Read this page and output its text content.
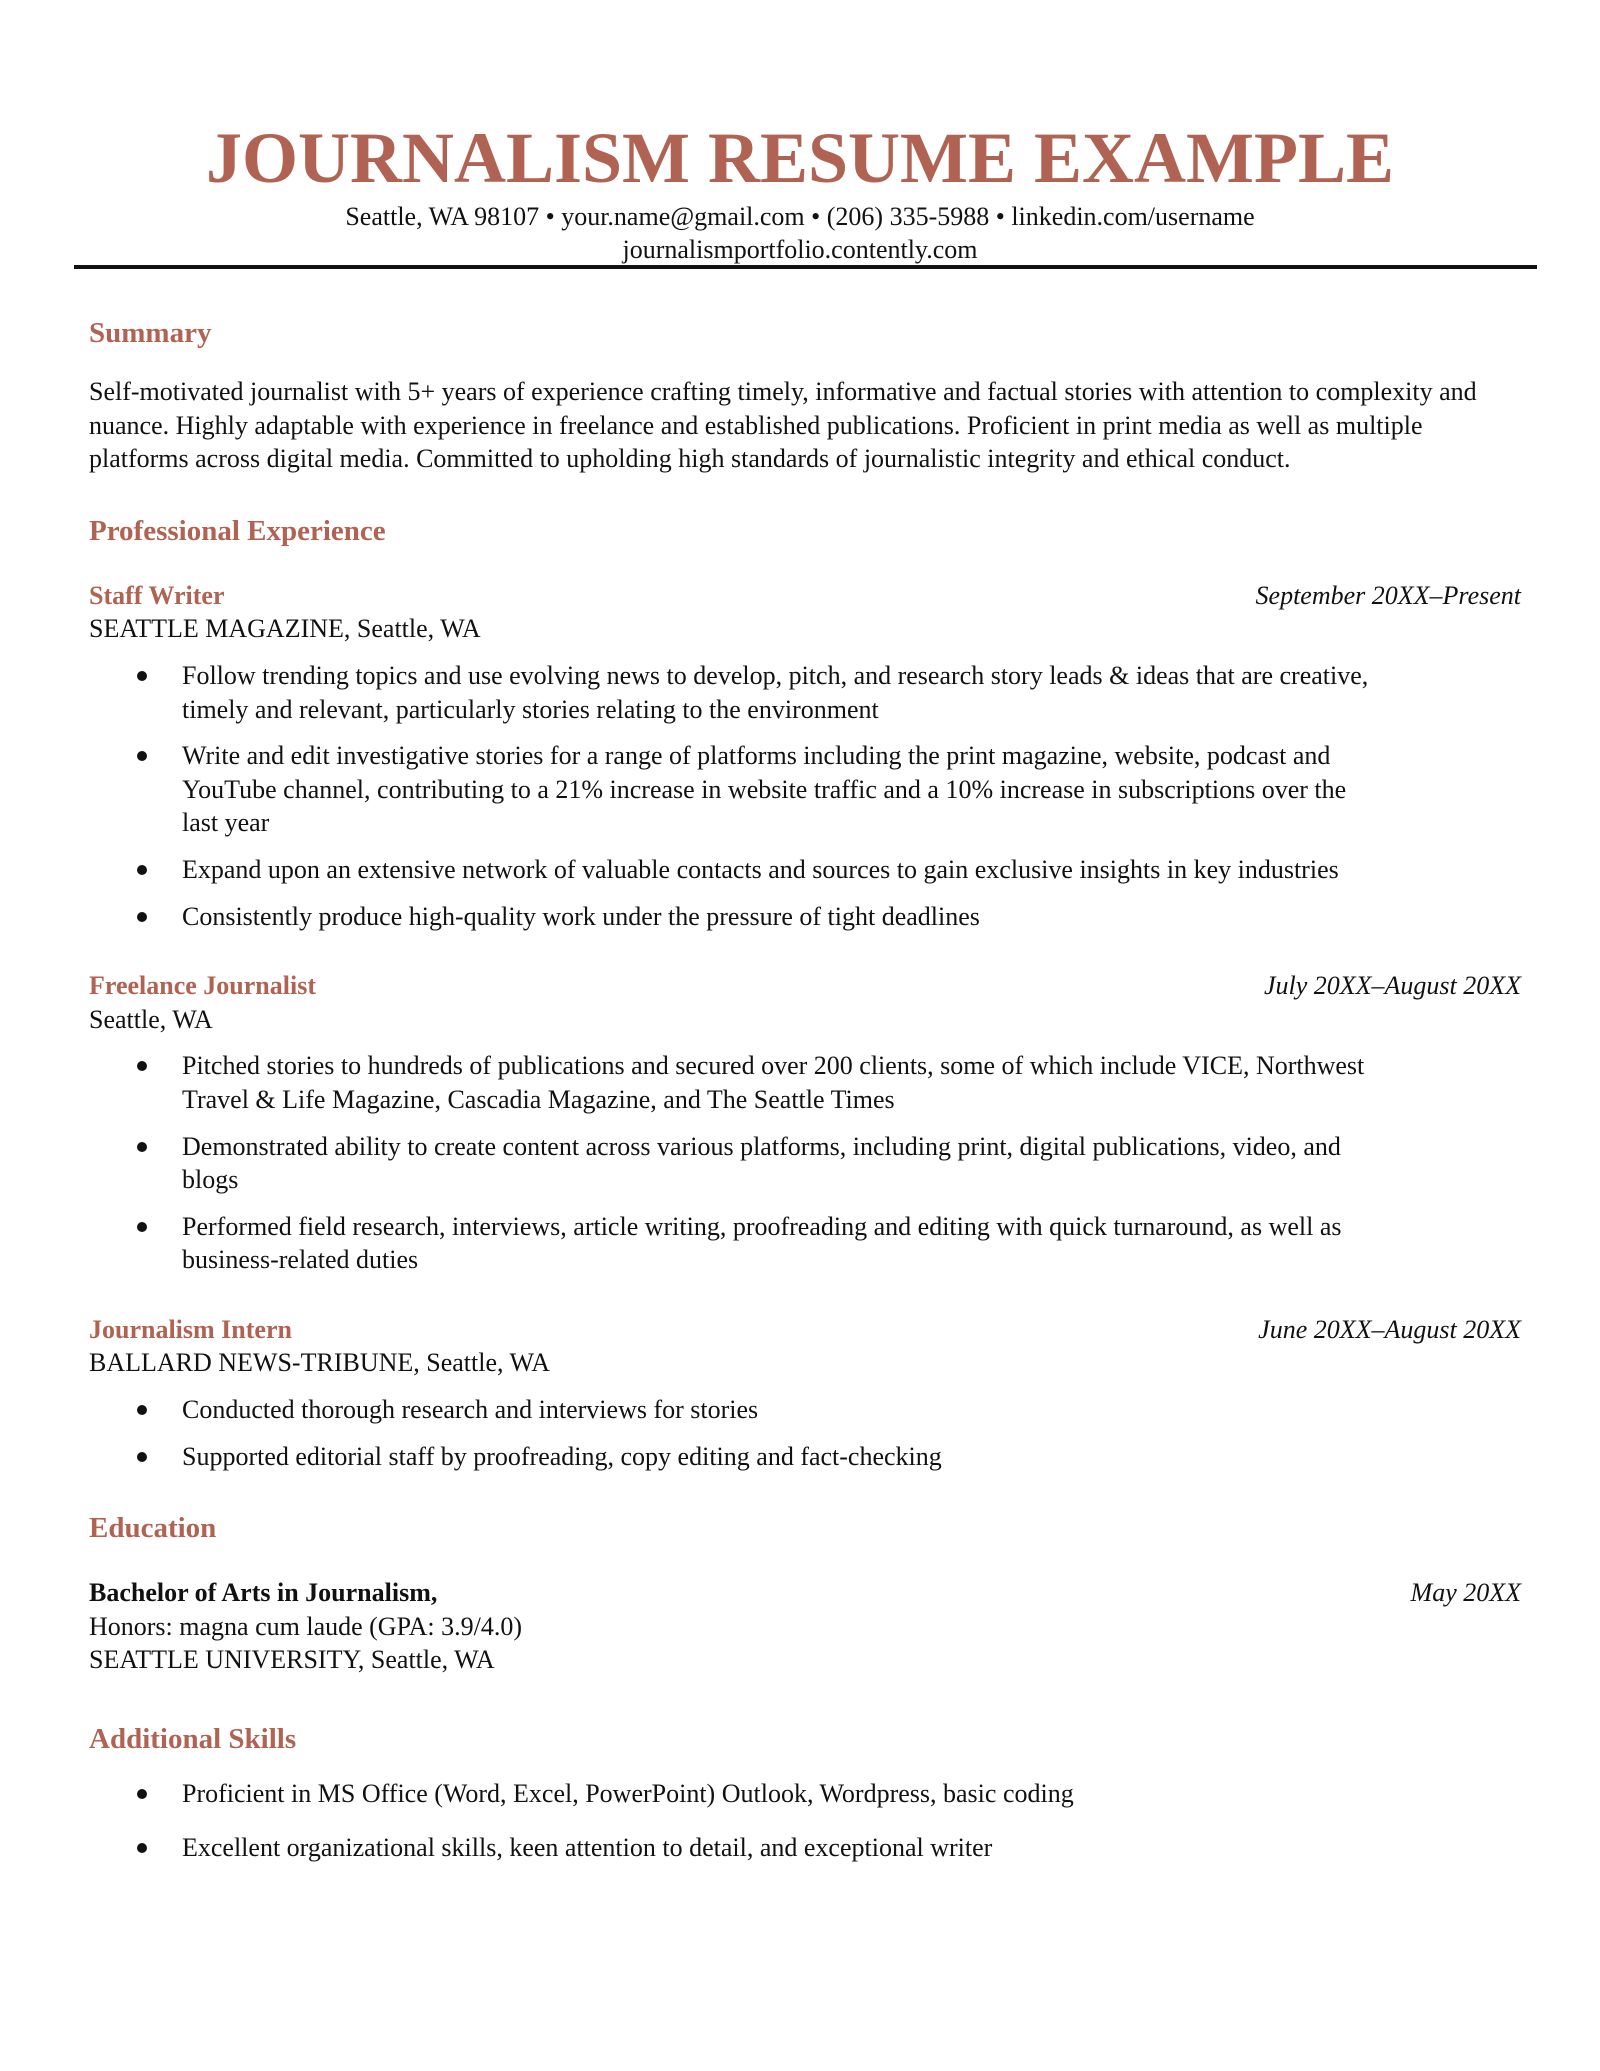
JOURNALISM RESUME EXAMPLE
Seattle, WA 98107 • your.name@gmail.com • (206) 335-5988 • linkedin.com/username
journalismportfolio.contently.com
Summary

Self-motivated journalist with 5+ years of experience crafting timely, informative and factual stories with attention to complexity and nuance. Highly adaptable with experience in freelance and established publications. Proficient in print media as well as multiple platforms across digital media. Committed to upholding high standards of journalistic integrity and ethical conduct.

Professional Experience
Staff Writer	September 20XX–Present
SEATTLE MAGAZINE, Seattle, WA
Follow trending topics and use evolving news to develop, pitch, and research story leads & ideas that are creative, timely and relevant, particularly stories relating to the environment
Write and edit investigative stories for a range of platforms including the print magazine, website, podcast and YouTube channel, contributing to a 21% increase in website traffic and a 10% increase in subscriptions over the last year
Expand upon an extensive network of valuable contacts and sources to gain exclusive insights in key industries
Consistently produce high-quality work under the pressure of tight deadlines
Freelance Journalist	July 20XX–August 20XX
Seattle, WA
Pitched stories to hundreds of publications and secured over 200 clients, some of which include VICE, Northwest Travel & Life Magazine, Cascadia Magazine, and The Seattle Times
Demonstrated ability to create content across various platforms, including print, digital publications, video, and blogs
Performed field research, interviews, article writing, proofreading and editing with quick turnaround, as well as business-related duties
Journalism Intern	June 20XX–August 20XX
BALLARD NEWS-TRIBUNE, Seattle, WA
Conducted thorough research and interviews for stories
Supported editorial staff by proofreading, copy editing and fact-checking
Education
Bachelor of Arts in Journalism,	May 20XX
Honors: magna cum laude (GPA: 3.9/4.0)
SEATTLE UNIVERSITY, Seattle, WA
Additional Skills
Proficient in MS Office (Word, Excel, PowerPoint) Outlook, Wordpress, basic coding
Excellent organizational skills, keen attention to detail, and exceptional writer
